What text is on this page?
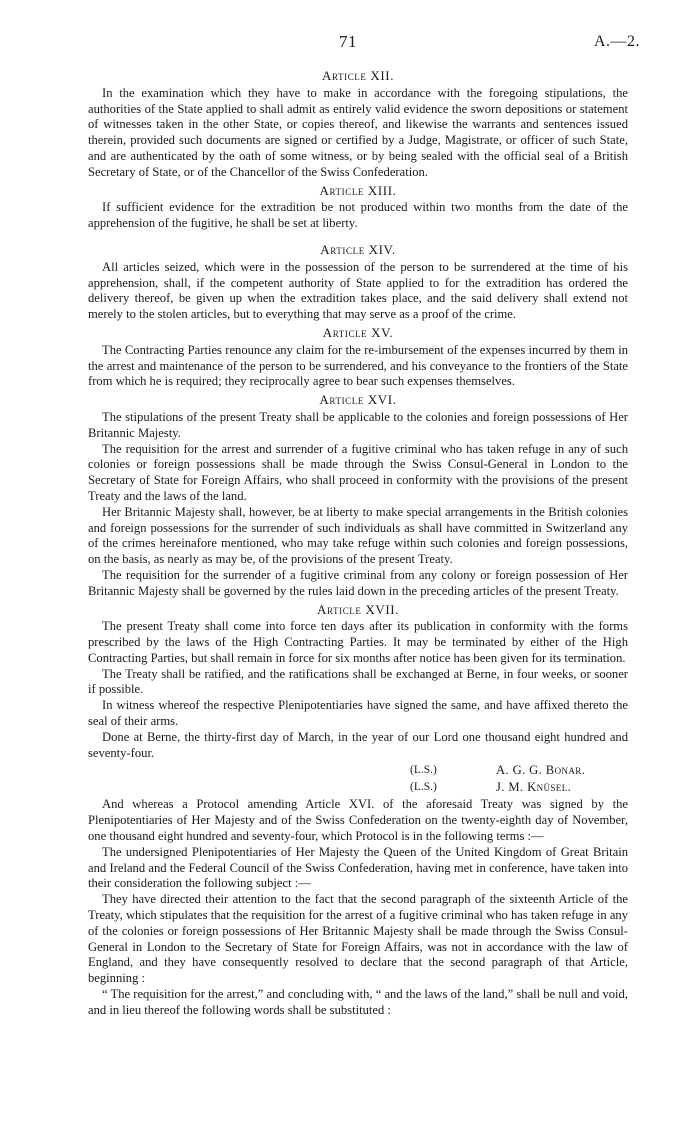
71	A.—2.
Article XII.

In the examination which they have to make in accordance with the foregoing stipulations, the authorities of the State applied to shall admit as entirely valid evidence the sworn depositions or statement of witnesses taken in the other State, or copies thereof, and likewise the warrants and sentences issued therein, provided such documents are signed or certified by a Judge, Magistrate, or officer of such State, and are authenticated by the oath of some witness, or by being sealed with the official seal of a British Secretary of State, or of the Chancellor of the Swiss Confederation.

Article XIII.

If sufficient evidence for the extradition be not produced within two months from the date of the apprehension of the fugitive, he shall be set at liberty.

Article XIV.

All articles seized, which were in the possession of the person to be surrendered at the time of his apprehension, shall, if the competent authority of State applied to for the extradition has ordered the delivery thereof, be given up when the extradition takes place, and the said delivery shall extend not merely to the stolen articles, but to everything that may serve as a proof of the crime.

Article XV.

The Contracting Parties renounce any claim for the re-imbursement of the expenses incurred by them in the arrest and maintenance of the person to be surrendered, and his conveyance to the frontiers of the State from which he is required; they reciprocally agree to bear such expenses themselves.

Article XVI.

The stipulations of the present Treaty shall be applicable to the colonies and foreign possessions of Her Britannic Majesty.

The requisition for the arrest and surrender of a fugitive criminal who has taken refuge in any of such colonies or foreign possessions shall be made through the Swiss Consul-General in London to the Secretary of State for Foreign Affairs, who shall proceed in conformity with the provisions of the present Treaty and the laws of the land.

Her Britannic Majesty shall, however, be at liberty to make special arrangements in the British colonies and foreign possessions for the surrender of such individuals as shall have committed in Switzerland any of the crimes hereinafore mentioned, who may take refuge within such colonies and foreign possessions, on the basis, as nearly as may be, of the provisions of the present Treaty.

The requisition for the surrender of a fugitive criminal from any colony or foreign possession of Her Britannic Majesty shall be governed by the rules laid down in the preceding articles of the present Treaty.

Article XVII.

The present Treaty shall come into force ten days after its publication in conformity with the forms prescribed by the laws of the High Contracting Parties. It may be terminated by either of the High Contracting Parties, but shall remain in force for six months after notice has been given for its termination.

The Treaty shall be ratified, and the ratifications shall be exchanged at Berne, in four weeks, or sooner if possible.

In witness whereof the respective Plenipotentiaries have signed the same, and have affixed thereto the seal of their arms.

Done at Berne, the thirty-first day of March, in the year of our Lord one thousand eight hundred and seventy-four.

(L.S.)	A. G. G. Bonar.
(L.S.)	J. M. Knüsel.

And whereas a Protocol amending Article XVI. of the aforesaid Treaty was signed by the Plenipotentiaries of Her Majesty and of the Swiss Confederation on the twenty-eighth day of November, one thousand eight hundred and seventy-four, which Protocol is in the following terms :—

The undersigned Plenipotentiaries of Her Majesty the Queen of the United Kingdom of Great Britain and Ireland and the Federal Council of the Swiss Confederation, having met in conference, have taken into their consideration the following subject :—

They have directed their attention to the fact that the second paragraph of the sixteenth Article of the Treaty, which stipulates that the requisition for the arrest of a fugitive criminal who has taken refuge in any of the colonies or foreign possessions of Her Britannic Majesty shall be made through the Swiss Consul-General in London to the Secretary of State for Foreign Affairs, was not in accordance with the law of England, and they have consequently resolved to declare that the second paragraph of that Article, beginning :

“ The requisition for the arrest,” and concluding with, “ and the laws of the land,” shall be null and void, and in lieu thereof the following words shall be substituted :
